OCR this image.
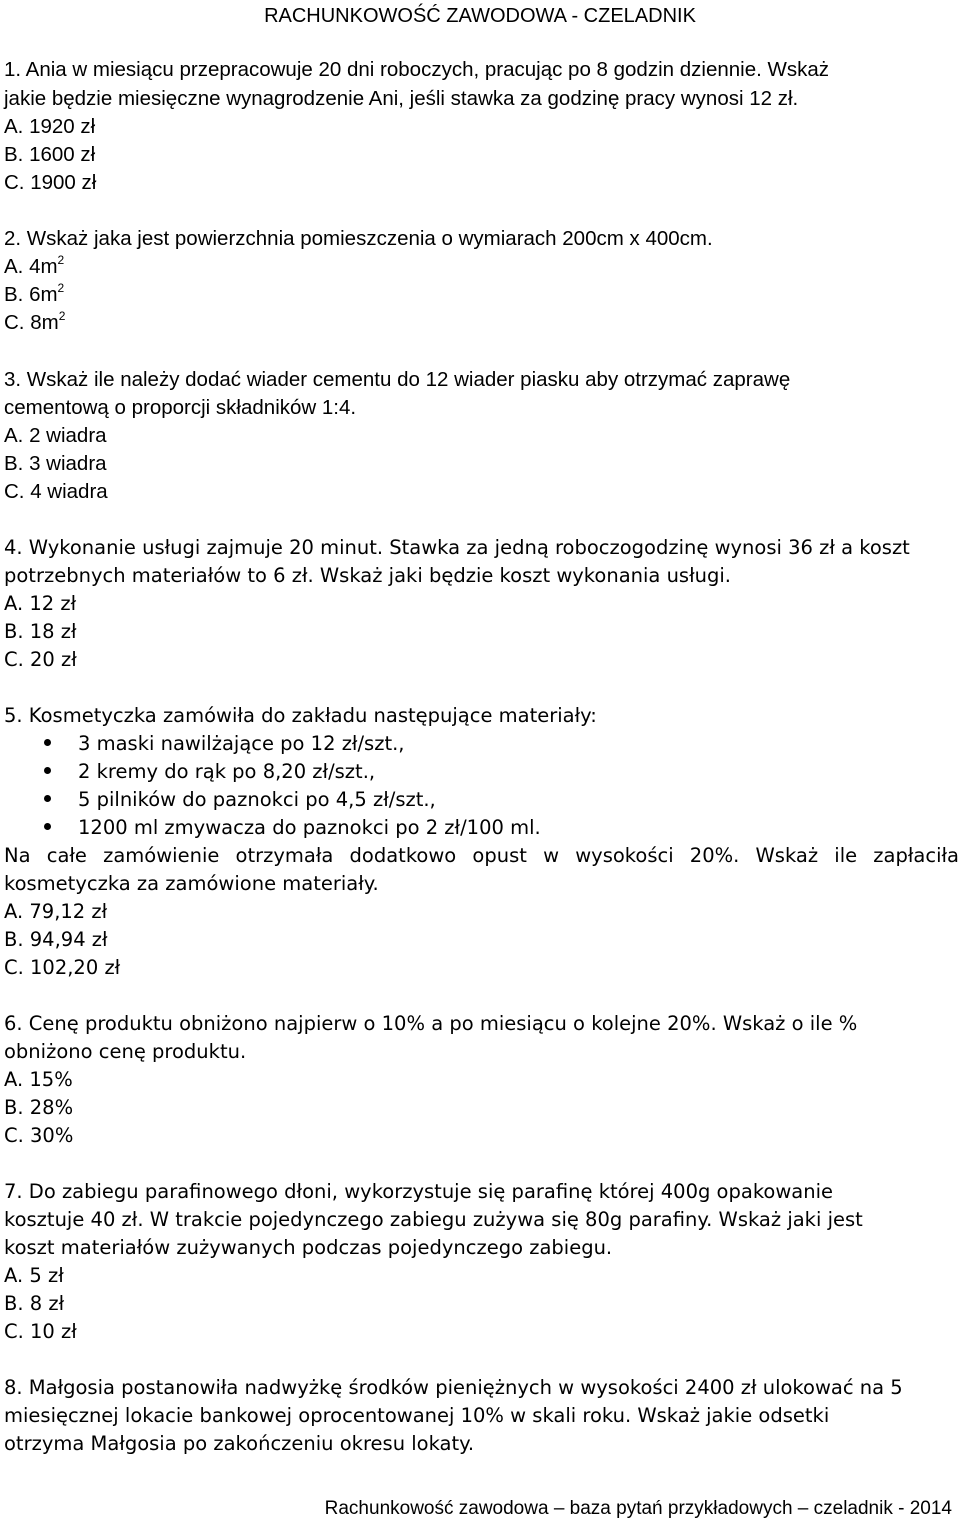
RACHUNKOWOŚĆ ZAWODOWA - CZELADNIK
1. Ania w miesiącu przepracowuje 20 dni roboczych, pracując po 8 godzin dziennie. Wskaż
jakie będzie miesięczne wynagrodzenie Ani, jeśli stawka za godzinę pracy wynosi 12 zł.
A. 1920 zł
B. 1600 zł
C. 1900 zł
2. Wskaż jaka jest powierzchnia pomieszczenia o wymiarach 200cm x 400cm.
A. $4m^2$
B. $6m^2$
C. $8m^2$
3. Wskaż ile należy dodać wiader cementu do 12 wiader piasku aby otrzymać zaprawę
cementową o proporcji składników 1:4.
A. 2 wiadra
B. 3 wiadra
C. 4 wiadra
4. Wykonanie usługi zajmuje 20 minut. Stawka za jedną roboczogodzinę wynosi 36 zł a koszt
potrzebnych materiałów to 6 zł. Wskaż jaki będzie koszt wykonania usługi.
A. 12 zł
B. 18 zł
C. 20 zł
5. Kosmetyczka zamówiła do zakładu następujące materiały:
3 maski nawilżające po 12 zł/szt.,
2 kremy do rąk po 8,20 zł/szt.,
5 pilników do paznokci po 4,5 zł/szt.,
1200 ml zmywacza do paznokci po 2 zł/100 ml.
Na całe zamówienie otrzymała dodatkowo opust w wysokości 20%. Wskaż ile zapłaciła
kosmetyczka za zamówione materiały.
A. 79,12 zł
B. 94,94 zł
C. 102,20 zł
6. Cenę produktu obniżono najpierw o 10% a po miesiącu o kolejne 20%. Wskaż o ile %
obniżono cenę produktu.
A. 15%
B. 28%
C. 30%
7. Do zabiegu parafinowego dłoni, wykorzystuje się parafinę której 400g opakowanie
kosztuje 40 zł. W trakcie pojedynczego zabiegu zużywa się 80g parafiny. Wskaż jaki jest
koszt materiałów zużywanych podczas pojedynczego zabiegu.
A. 5 zł
B. 8 zł
C. 10 zł
8. Małgosia postanowiła nadwyżkę środków pieniężnych w wysokości 2400 zł ulokować na 5
miesięcznej lokacie bankowej oprocentowanej 10% w skali roku. Wskaż jakie odsetki
otrzyma Małgosia po zakończeniu okresu lokaty.
Rachunkowość zawodowa – baza pytań przykładowych – czeladnik - 2014
